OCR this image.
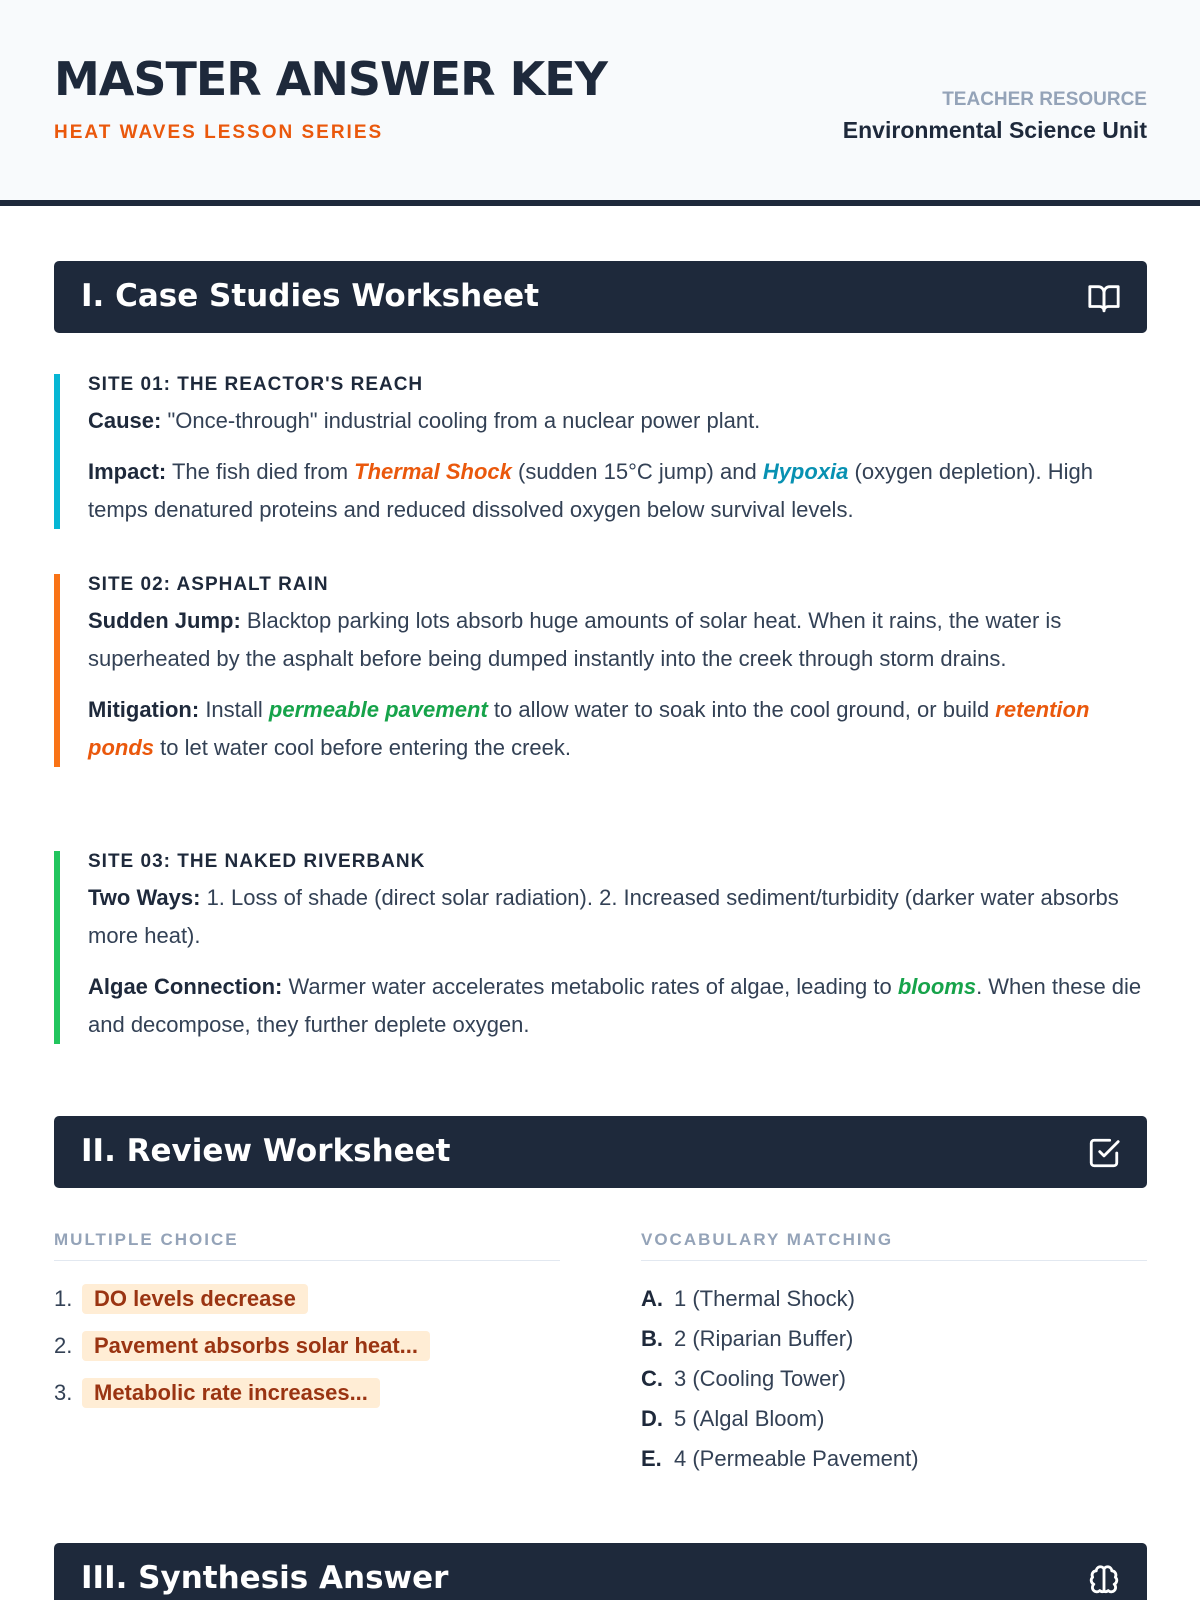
MASTER ANSWER KEY
HEAT WAVES LESSON SERIES
TEACHER RESOURCE
Environmental Science Unit
I. Case Studies Worksheet
SITE 01: THE REACTOR'S REACH

Cause: "Once-through" industrial cooling from a nuclear power plant.

Impact: The fish died from Thermal Shock (sudden 15°C jump) and Hypoxia (oxygen depletion). High temps denatured proteins and reduced dissolved oxygen below survival levels.

SITE 02: ASPHALT RAIN

Sudden Jump: Blacktop parking lots absorb huge amounts of solar heat. When it rains, the water is superheated by the asphalt before being dumped instantly into the creek through storm drains.

Mitigation: Install permeable pavement to allow water to soak into the cool ground, or build retention ponds to let water cool before entering the creek.

SITE 03: THE NAKED RIVERBANK

Two Ways: 1. Loss of shade (direct solar radiation). 2. Increased sediment/turbidity (darker water absorbs more heat).

Algae Connection: Warmer water accelerates metabolic rates of algae, leading to blooms. When these die and decompose, they further deplete oxygen.

II. Review Worksheet
MULTIPLE CHOICE	VOCABULARY MATCHING
1. DO levels decrease
2. Pavement absorbs solar heat...
3. Metabolic rate increases...
A. 1 (Thermal Shock)
B. 2 (Riparian Buffer)
C. 3 (Cooling Tower)
D. 5 (Algal Bloom)
E. 4 (Permeable Pavement)
III. Synthesis Answer
